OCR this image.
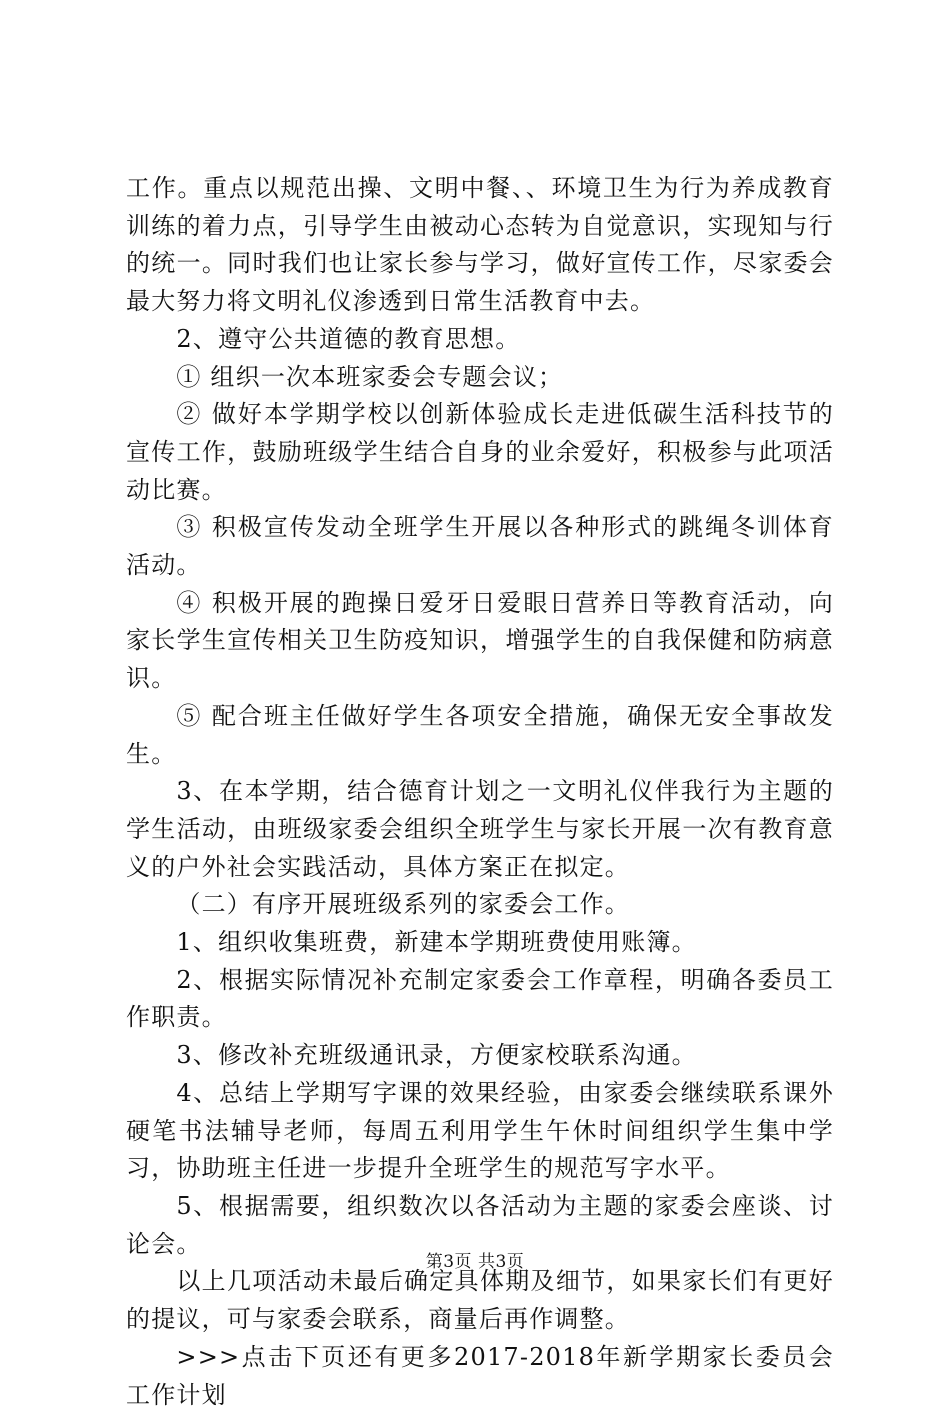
工作。重点以规范出操、文明中餐、、环境卫生为行为养成教育训练的着力点，引导学生由被动心态转为自觉意识，实现知与行的统一。同时我们也让家长参与学习，做好宣传工作，尽家委会最大努力将文明礼仪渗透到日常生活教育中去。

2、遵守公共道德的教育思想。

① 组织一次本班家委会专题会议；

② 做好本学期学校以创新体验成长走进低碳生活科技节的宣传工作，鼓励班级学生结合自身的业余爱好，积极参与此项活动比赛。

③ 积极宣传发动全班学生开展以各种形式的跳绳冬训体育活动。

④ 积极开展的跑操日爱牙日爱眼日营养日等教育活动，向家长学生宣传相关卫生防疫知识，增强学生的自我保健和防病意识。

⑤ 配合班主任做好学生各项安全措施，确保无安全事故发生。

3、在本学期，结合德育计划之一文明礼仪伴我行为主题的学生活动，由班级家委会组织全班学生与家长开展一次有教育意义的户外社会实践活动，具体方案正在拟定。

（二）有序开展班级系列的家委会工作。

1、组织收集班费，新建本学期班费使用账簿。

2、根据实际情况补充制定家委会工作章程，明确各委员工作职责。

3、修改补充班级通讯录，方便家校联系沟通。

4、总结上学期写字课的效果经验，由家委会继续联系课外硬笔书法辅导老师，每周五利用学生午休时间组织学生集中学习，协助班主任进一步提升全班学生的规范写字水平。

5、根据需要，组织数次以各活动为主题的家委会座谈、讨论会。

以上几项活动未最后确定具体期及细节，如果家长们有更好的提议，可与家委会联系，商量后再作调整。

>>>点击下页还有更多2017-2018年新学期家长委员会工作计划

第3页 共3页
